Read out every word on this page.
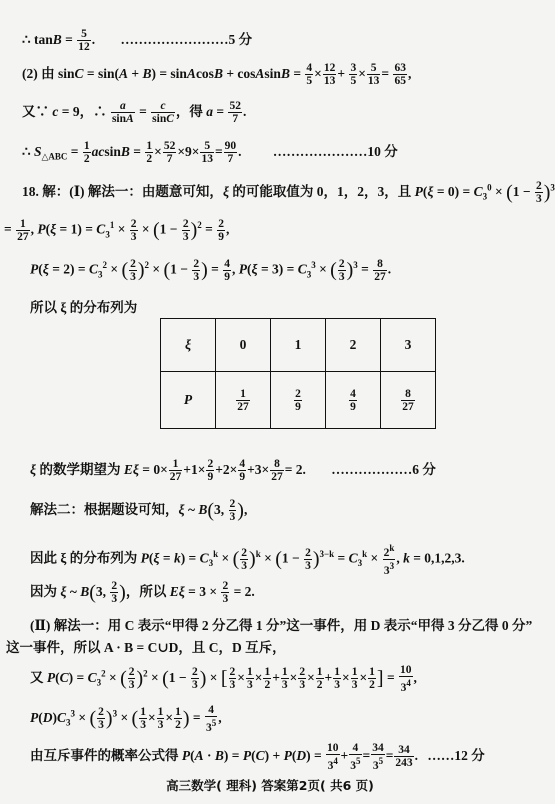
∴ $\tan B = \frac{5}{12}$ . ……………………5 分
(2) 由 sinC = sin(A + B) = sinAcosB + cosAsinB = $\frac{4}{5} \times \frac{12}{13} + \frac{3}{5} \times \frac{5}{13} = \frac{63}{65}$ ,
又∵ c = 9，∴ $\frac{a}{\sin A} = \frac{c}{\sin C}$ ，得 $a = \frac{52}{7}$ .
∴ $S_{\triangle ABC} = \frac{1}{2}$ $acsinB = \frac{1}{2} \times \frac{52}{7} \times 9\times \frac{5}{13} = \frac{90}{7}$ . …………………10 分
18. 解：(Ⅰ) 解法一：由题意可知，ξ 的可能取值为 0，1，2，3，且 $P(\xi = 0) = C_3^0 \times (1 - \frac{2}{3} )^3$
= $\frac{1}{27}$ , $P(\xi = 1) = C_3^1 \times \frac{2}{3} \times (1 - \frac{2}{3} )^2 = \frac{2}{9}$ ,
$P(\xi = 2) = C_3^2$ × ( $\frac{2}{3} )^2 \times (1 - \frac{2}{3}$ ) = $\frac{4}{9}$ , $P(\xi = 3) = C_3^3$ × ( $\frac{2}{3} )^3 = \frac{8}{27}$ .
所以 ξ 的分布列为
ξ	0	1	2	3
P	$\frac{1}{27}$	$\frac{2}{9}$	$\frac{4}{9}$	$\frac{8}{27}$
ξ 的数学期望为 $E\xi = 0\times \frac{1}{27} +1\times \frac{2}{9} +2\times \frac{4}{9} +3\times \frac{8}{27} = 2$. ………………6 分
解法二：根据题设可知，ξ ~ B(3, $\frac{2}{3}$ ),
因此 ξ 的分布列为 $P(\xi = k) = C_3^k$ × ( $\frac{2}{3} )^k \times (1 - \frac{2}{3} )^{3-k} = C_3^k \times \frac{2^k}{3^3}$ , k = 0,1,2,3.
因为 ξ ~ B(3, $\frac{2}{3}$ )，所以 $E\xi = 3 \times \frac{2}{3} = 2$.
(Ⅱ) 解法一：用 C 表示“甲得 2 分乙得 1 分”这一事件，用 D 表示“甲得 3 分乙得 0 分”
这一事件，所以 A · B = C∪D，且 C，D 互斥，
又 $P(C) = C_3^2$ × ( $\frac{2}{3} )^2 \times (1 - \frac{2}{3}$ ) × [ $\frac{2}{3} \times \frac{1}{3} \times \frac{1}{2} + \frac{1}{3} \times \frac{2}{3} \times \frac{1}{2} + \frac{1}{3} \times \frac{1}{3} \times \frac{1}{2}$ ] = $\frac{10}{3^4}$ ,
$P(D)C_3^3$ × ( $\frac{2}{3} )^3$ × ( $\frac{1}{3} \times \frac{1}{3} \times \frac{1}{2}$ ) = $\frac{4}{3^5}$ ,
由互斥事件的概率公式得 $P(A \cdot B) = P(C) + P(D) = \frac{10}{3^4} + \frac{4}{3^5} = \frac{34}{3^5} = \frac{34}{243}$ . ……12 分
高三数学( 理科) 答案第2页( 共6 页)
